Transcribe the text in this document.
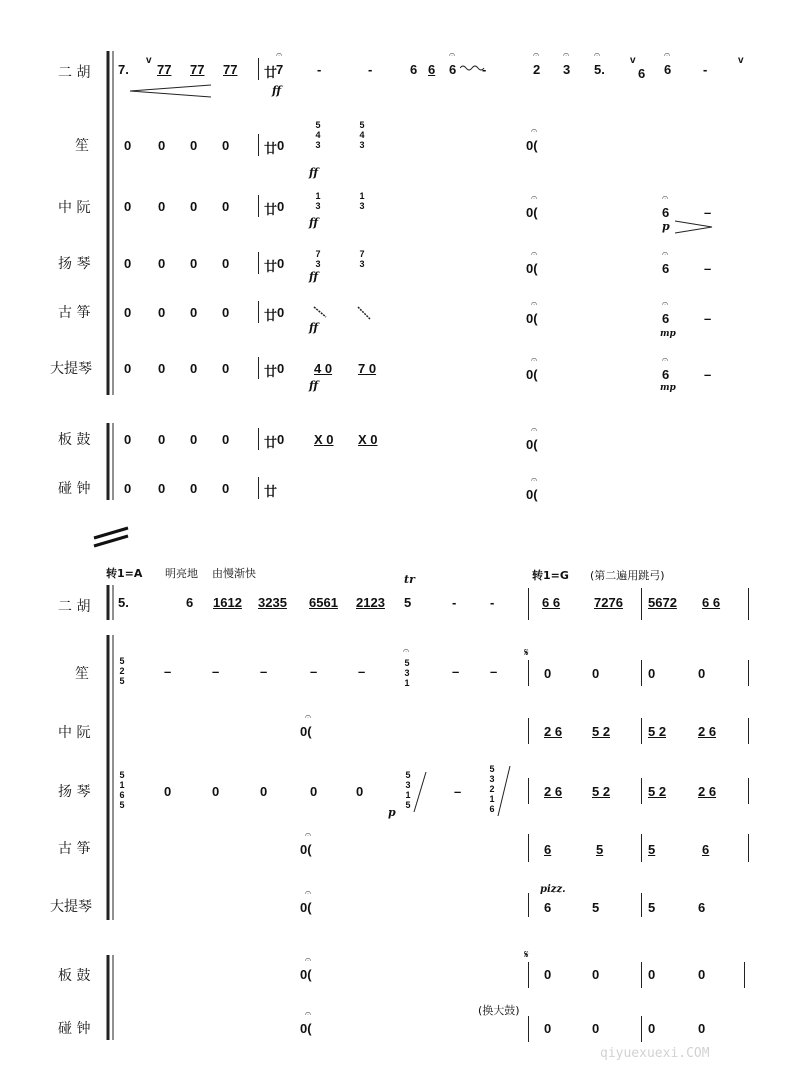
二 胡
笙
中 阮
扬 琴
古 筝
大提琴
板 鼓
碰 钟
7.
v
77 77 77 廿
7
𝄐
ff
-	-	6 6 6
𝄐
-	2
𝄐
3
𝄐
5.
𝄐	v
6 6
𝄐
-
v
0 0 0 0	廿 0
5 4 3
ff
5 4 3	0(
𝄐
0 0 0 0	廿 0
1 3
ff
1 3	0(
𝄐
6
𝄐
–
p
0 0 0 0	廿 0
7 3
ff
7 3	0(
𝄐
6
𝄐
–
0 0 0 0	廿 0
ff
0(
𝄐
6
𝄐
–
mp
0 0 0 0	廿 0 4 0
ff
7 0	0(
𝄐
6
𝄐
–
mp
0 0 0 0	廿 0 X 0 X 0	0(
𝄐
0 0 0 0	廿	0(
𝄐
转1=A 明亮地 由慢渐快	转1=G (第二遍用跳弓)
tr
二 胡
笙
中 阮
扬 琴
古 筝
大提琴
板 鼓
碰 钟
5.	6 1612 3235 6561 2123 5	-	-	6 6	7276 5672 6 6
5 2 5
–	–	–	–	–
5 3 1
𝄐
– –
𝄋
0	0	0	0
0(
𝄐
2 6 5 2	5 2 2 6
5 1 6 5
0	0	0	0	0
p
5 3 1 5
–
5 3 2 1 6
2 6 5 2	5 2 2 6
0(
𝄐
6	5	5	6
0(
𝄐	pizz.
6	5	5	6
0(
𝄐	𝄋
0	0	0	0
(换大鼓)
0(
𝄐
0	0	0	0
qiyuexuexi.COM
